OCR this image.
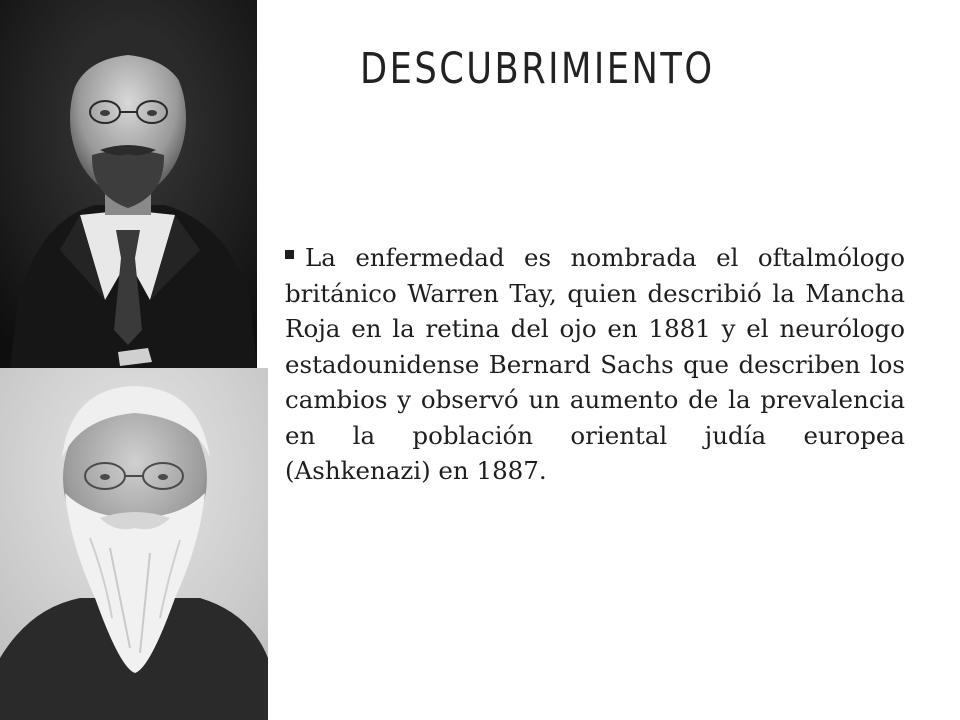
DESCUBRIMIENTO
La enfermedad es nombrada el oftalmólogo británico Warren Tay, quien describió la Mancha Roja en la retina del ojo en 1881 y el neurólogo estadounidense Bernard Sachs que describen los cambios y observó un aumento de la prevalencia en la población oriental judía europea (Ashkenazi) en 1887.
